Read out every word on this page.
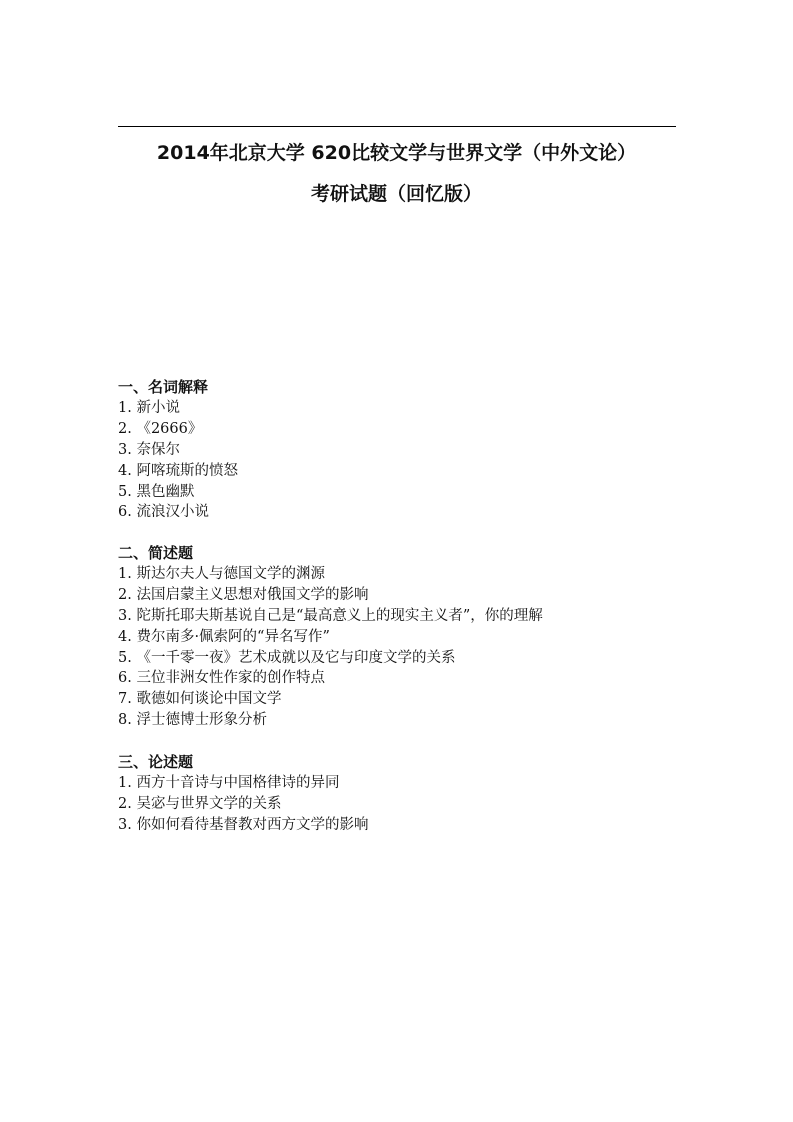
2014年北京大学 620比较文学与世界文学（中外文论）
考研试题（回忆版）
一、名词解释
1. 新小说
2. 《2666》
3. 奈保尔
4. 阿喀琉斯的愤怒
5. 黑色幽默
6. 流浪汉小说
二、简述题
1. 斯达尔夫人与德国文学的渊源
2. 法国启蒙主义思想对俄国文学的影响
3. 陀斯托耶夫斯基说自己是“最高意义上的现实主义者”，你的理解
4. 费尔南多·佩索阿的“异名写作”
5. 《一千零一夜》艺术成就以及它与印度文学的关系
6. 三位非洲女性作家的创作特点
7. 歌德如何谈论中国文学
8. 浮士德博士形象分析
三、论述题
1. 西方十音诗与中国格律诗的异同
2. 吴宓与世界文学的关系
3. 你如何看待基督教对西方文学的影响
